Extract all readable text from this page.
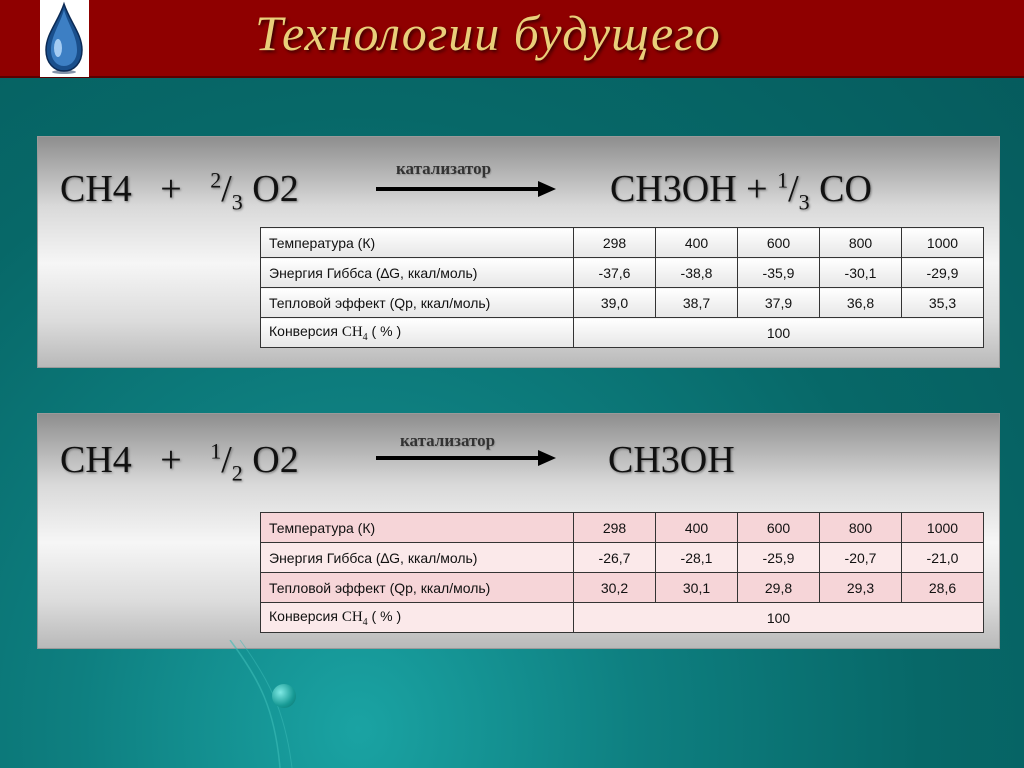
Технологии будущего
$CH4 + ^2/_3$ O2	катализатор	$CH3OH + ^1/_3$ CO
Температура (К)	298	400	600	800	1000
Энергия Гиббса (∆G, ккал/моль)	-37,6	-38,8	-35,9	-30,1	-29,9
Тепловой эффект (Qp, ккал/моль)	39,0	38,7	37,9	36,8	35,3
Конверсия $CH_4$ ( % )	100				
$CH4 + ^1/_2$ O2	катализатор	CH3OH
Температура (К)	298	400	600	800	1000
Энергия Гиббса (∆G, ккал/моль)	-26,7	-28,1	-25,9	-20,7	-21,0
Тепловой эффект (Qp, ккал/моль)	30,2	30,1	29,8	29,3	28,6
Конверсия $CH_4$ ( % )	100				
